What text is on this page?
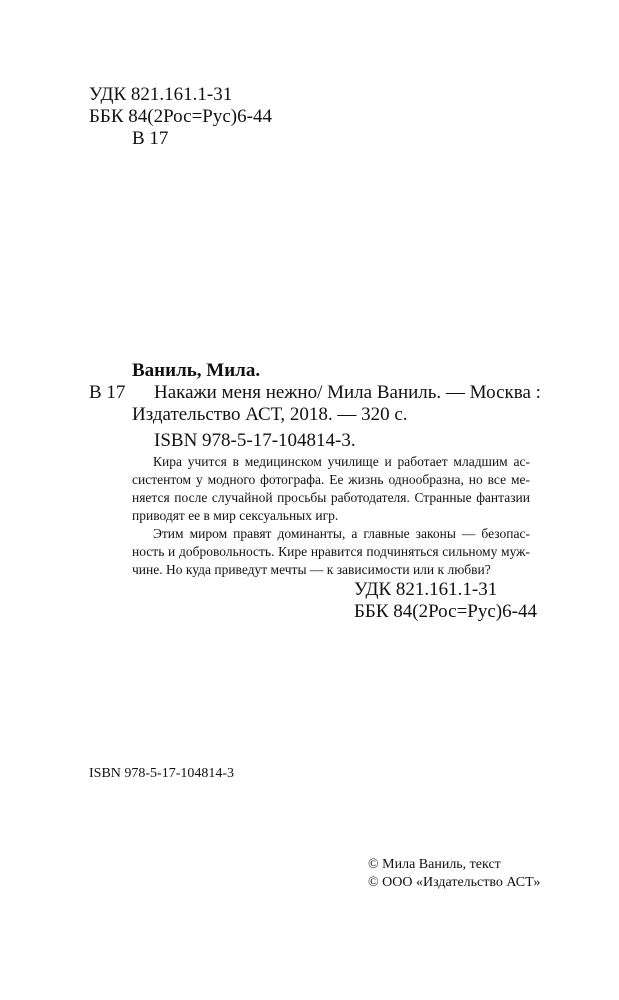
УДК 821.161.1-31
ББК 84(2Рос=Рус)6-44
В 17
Ваниль, Мила.
В 17 Накажи меня нежно/ Мила Ваниль. — Москва :
Издательство АСТ, 2018. — 320 с.
ISBN 978-5-17-104814-3.
Кира учится в медицинском училище и работает младшим ас-
систентом у модного фотографа. Ее жизнь однообразна, но все ме-
няется после случайной просьбы работодателя. Странные фантазии
приводят ее в мир сексуальных игр.
Этим миром правят доминанты, а главные законы — безопас-
ность и добровольность. Кире нравится подчиняться сильному муж-
чине. Но куда приведут мечты — к зависимости или к любви?
УДК 821.161.1-31
ББК 84(2Рос=Рус)6-44
ISBN 978-5-17-104814-3
© Мила Ваниль, текст
© ООО «Издательство АСТ»
